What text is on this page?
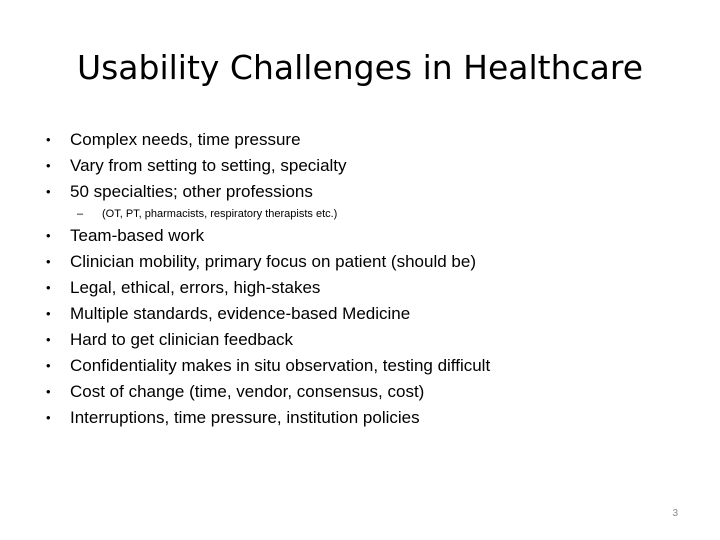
Usability Challenges in Healthcare
• Complex needs, time pressure
• Vary from setting to setting, specialty
• 50 specialties; other professions
– (OT, PT, pharmacists, respiratory therapists etc.)
• Team-based work
• Clinician mobility, primary focus on patient (should be)
• Legal, ethical, errors, high-stakes
• Multiple standards, evidence-based Medicine
• Hard to get clinician feedback
• Confidentiality makes in situ observation, testing difficult
• Cost of change (time, vendor, consensus, cost)
• Interruptions, time pressure, institution policies
3
